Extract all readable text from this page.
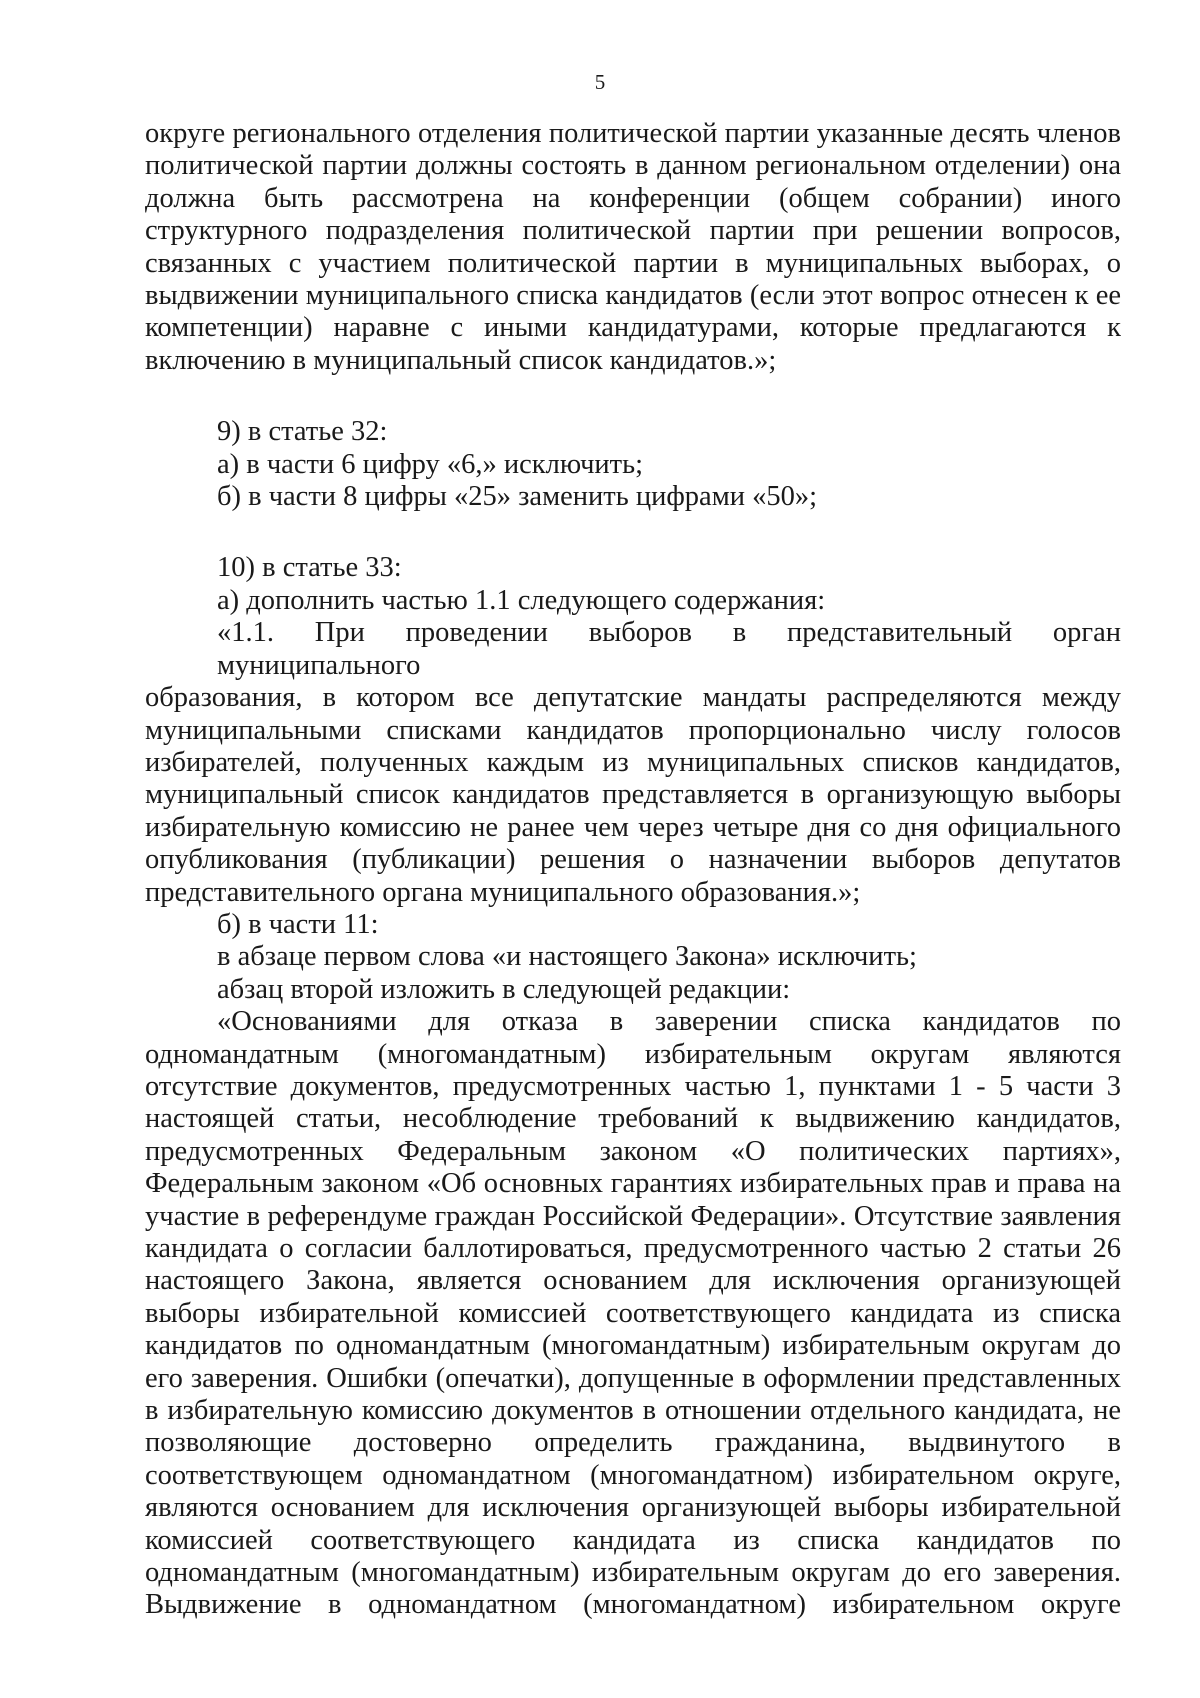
5
округе регионального отделения политической партии указанные десять членов
политической партии должны состоять в данном региональном отделении) она
должна быть рассмотрена на конференции (общем собрании) иного
структурного подразделения политической партии при решении вопросов,
связанных с участием политической партии в муниципальных выборах, о
выдвижении муниципального списка кандидатов (если этот вопрос отнесен к ее
компетенции) наравне с иными кандидатурами, которые предлагаются к
включению в муниципальный список кандидатов.»;
9) в статье 32:
а) в части 6 цифру «6,» исключить;
б) в части 8 цифры «25» заменить цифрами «50»;
10) в статье 33:
а) дополнить частью 1.1 следующего содержания:
«1.1. При проведении выборов в представительный орган муниципального
образования, в котором все депутатские мандаты распределяются между
муниципальными списками кандидатов пропорционально числу голосов
избирателей, полученных каждым из муниципальных списков кандидатов,
муниципальный список кандидатов представляется в организующую выборы
избирательную комиссию не ранее чем через четыре дня со дня официального
опубликования (публикации) решения о назначении выборов депутатов
представительного органа муниципального образования.»;
б) в части 11:
в абзаце первом слова «и настоящего Закона» исключить;
абзац второй изложить в следующей редакции:
«Основаниями для отказа в заверении списка кандидатов по
одномандатным (многомандатным) избирательным округам являются
отсутствие документов, предусмотренных частью 1, пунктами 1 - 5 части 3
настоящей статьи, несоблюдение требований к выдвижению кандидатов,
предусмотренных Федеральным законом «О политических партиях»,
Федеральным законом «Об основных гарантиях избирательных прав и права на
участие в референдуме граждан Российской Федерации». Отсутствие заявления
кандидата о согласии баллотироваться, предусмотренного частью 2 статьи 26
настоящего Закона, является основанием для исключения организующей
выборы избирательной комиссией соответствующего кандидата из списка
кандидатов по одномандатным (многомандатным) избирательным округам до
его заверения. Ошибки (опечатки), допущенные в оформлении представленных
в избирательную комиссию документов в отношении отдельного кандидата, не
позволяющие достоверно определить гражданина, выдвинутого в
соответствующем одномандатном (многомандатном) избирательном округе,
являются основанием для исключения организующей выборы избирательной
комиссией соответствующего кандидата из списка кандидатов по
одномандатным (многомандатным) избирательным округам до его заверения.
Выдвижение в одномандатном (многомандатном) избирательном округе
